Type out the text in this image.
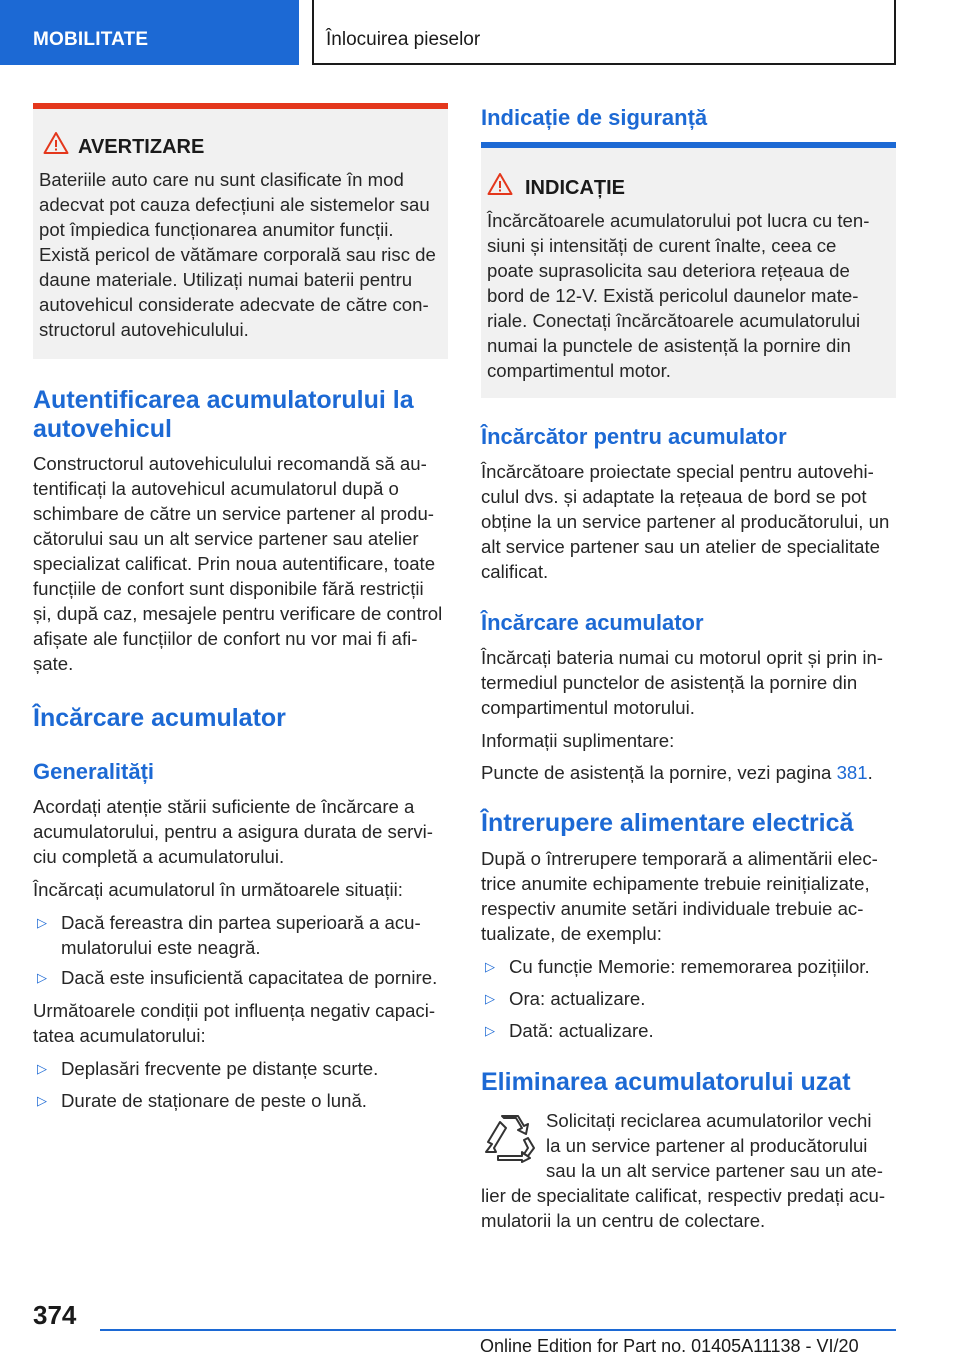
MOBILITATE	Înlocuirea pieselor
AVERTIZARE
Bateriile auto care nu sunt clasificate în mod
adecvat pot cauza defecțiuni ale sistemelor sau
pot împiedica funcționarea anumitor funcții.
Există pericol de vătămare corporală sau risc de
daune materiale. Utilizați numai baterii pentru
autovehicul considerate adecvate de către con‐
structorul autovehiculului.
Autentificarea acumulatorului la
autovehicul
Constructorul autovehiculului recomandă să au‐
tentificați la autovehicul acumulatorul după o
schimbare de către un service partener al produ‐
cătorului sau un alt service partener sau atelier
specializat calificat. Prin noua autentificare, toate
funcțiile de confort sunt disponibile fără restricții
și, după caz, mesajele pentru verificare de control
afișate ale funcțiilor de confort nu vor mai fi afi‐
șate.
Încărcare acumulator
Generalități
Acordați atenție stării suficiente de încărcare a
acumulatorului, pentru a asigura durata de servi‐
ciu completă a acumulatorului.
Încărcați acumulatorul în următoarele situații:
▷ Dacă fereastra din partea superioară a acu‐
mulatorului este neagră.
▷ Dacă este insuficientă capacitatea de pornire.
Următoarele condiții pot influența negativ capaci‐
tatea acumulatorului:
▷ Deplasări frecvente pe distanțe scurte.
▷ Durate de staționare de peste o lună.
Indicație de siguranță
INDICAȚIE
Încărcătoarele acumulatorului pot lucra cu ten‐
siuni și intensități de curent înalte, ceea ce
poate suprasolicita sau deteriora rețeaua de
bord de 12-V. Există pericolul daunelor mate‐
riale. Conectați încărcătoarele acumulatorului
numai la punctele de asistență la pornire din
compartimentul motor.
Încărcător pentru acumulator
Încărcătoare proiectate special pentru autovehi‐
culul dvs. și adaptate la rețeaua de bord se pot
obține la un service partener al producătorului, un
alt service partener sau un atelier de specialitate
calificat.
Încărcare acumulator
Încărcați bateria numai cu motorul oprit și prin in‐
termediul punctelor de asistență la pornire din
compartimentul motorului.
Informații suplimentare:
Puncte de asistență la pornire, vezi pagina 381.
Întrerupere alimentare electrică
După o întrerupere temporară a alimentării elec‐
trice anumite echipamente trebuie reinițializate,
respectiv anumite setări individuale trebuie ac‐
tualizate, de exemplu:
▷ Cu funcție Memorie: rememorarea pozițiilor.
▷ Ora: actualizare.
▷ Dată: actualizare.
Eliminarea acumulatorului uzat
Solicitați reciclarea acumulatorilor vechi
la un service partener al producătorului
sau la un alt service partener sau un ate‐
lier de specialitate calificat, respectiv predați acu‐
mulatorii la un centru de colectare.
374
Online Edition for Part no. 01405A11138 - VI/20
